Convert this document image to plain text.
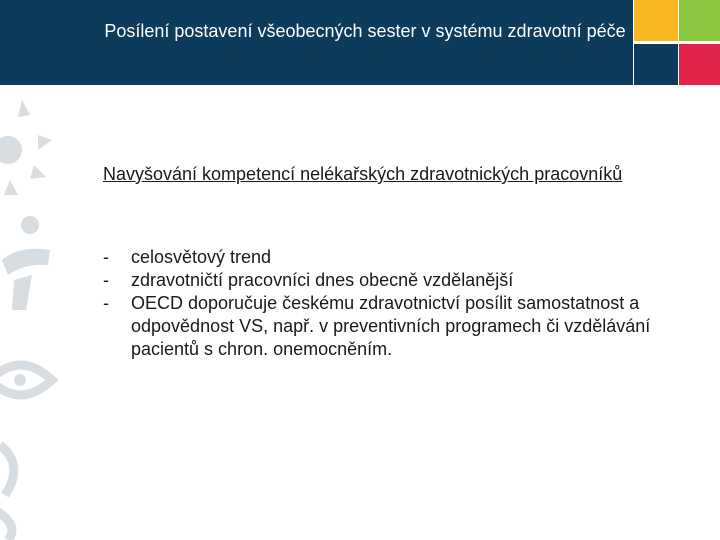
Posílení postavení všeobecných sester v systému zdravotní péče
Navyšování kompetencí nelékařských zdravotnických pracovníků
- celosvětový trend
- zdravotničtí pracovníci dnes obecně vzdělanější
- OECD doporučuje českému zdravotnictví posílit samostatnost a odpovědnost VS, např. v preventivních programech či vzdělávání pacientů s chron. onemocněním.
